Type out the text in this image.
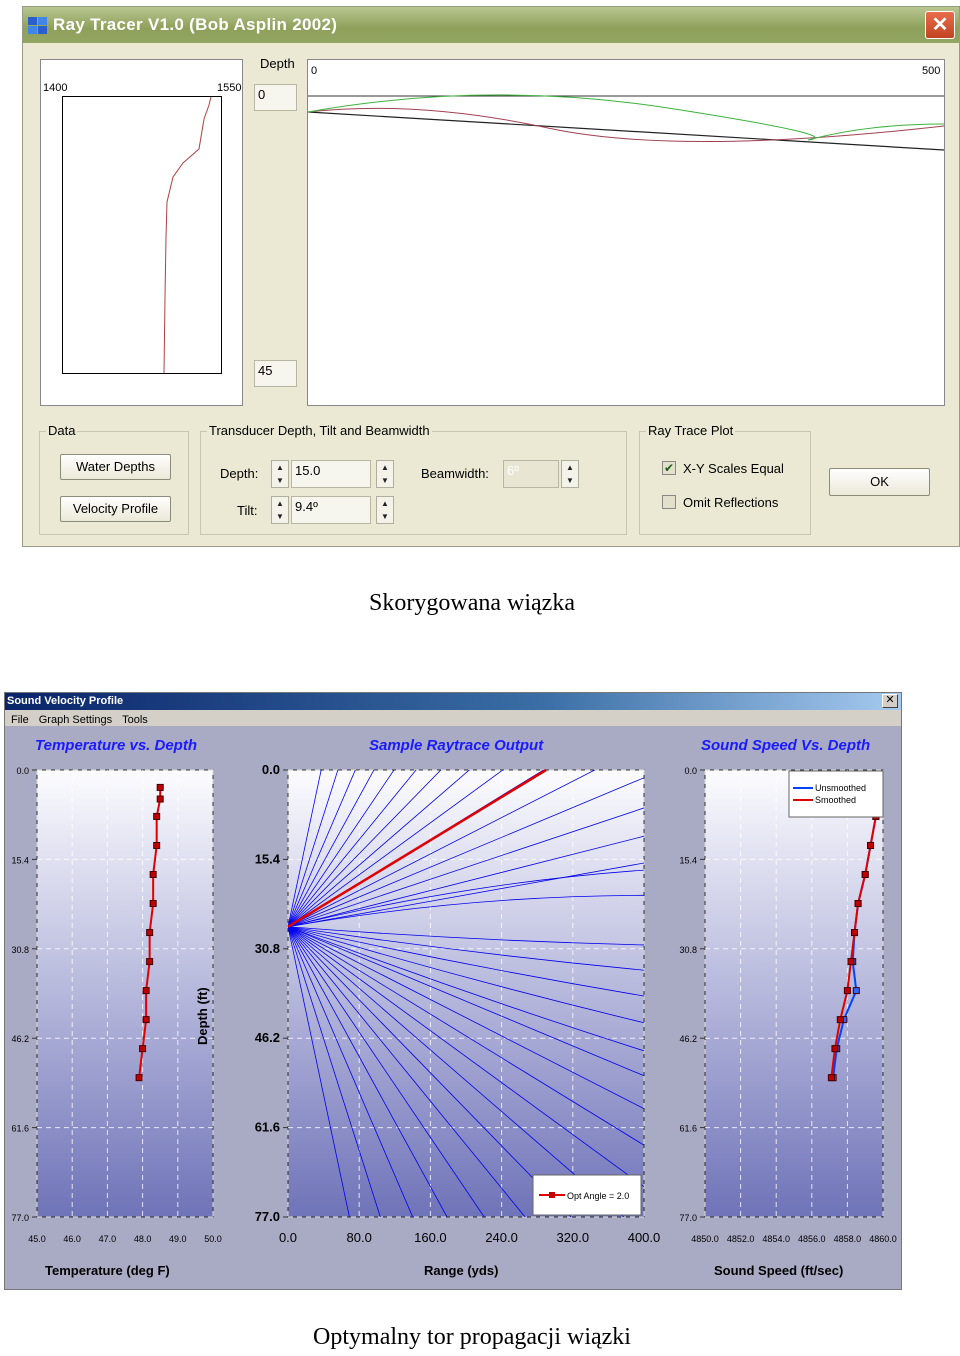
Ray Tracer V1.0 (Bob Asplin 2002)	✕
1400	1550
Depth
0
45
0	500
Data
Water Depths
Velocity Profile
Transducer Depth, Tilt and Beamwidth
Depth:	▲
▼
15.0	▲
▼
Tilt:	▲
▼
9.4º	▲
▼
Beamwidth:	6º	▲
▼
Ray Trace Plot
✔ X-Y Scales Equal
Omit Reflections
OK
Skorygowana wiązka
Sound Velocity Profile	✕
File Graph Settings Tools
Temperature vs. Depth	Sample Raytrace Output	Sound Speed Vs. Depth
45.0 46.0 47.0 48.0 49.0 50.0
0.0
15.4
30.8
46.2
61.6
77.0
0.0	80.0	160.0	240.0	320.0	400.0
0.0
15.4
30.8
46.2
61.6
77.0
Opt Angle = 2.0
4850.0 4852.0 4854.0 4856.0 4858.0 4860.0
0.0
15.4
30.8
46.2
61.6
77.0
Unsmoothed
Smoothed
Temperature (deg F)	Range (yds)	Sound Speed (ft/sec)
Depth (ft)
Optymalny tor propagacji wiązki
